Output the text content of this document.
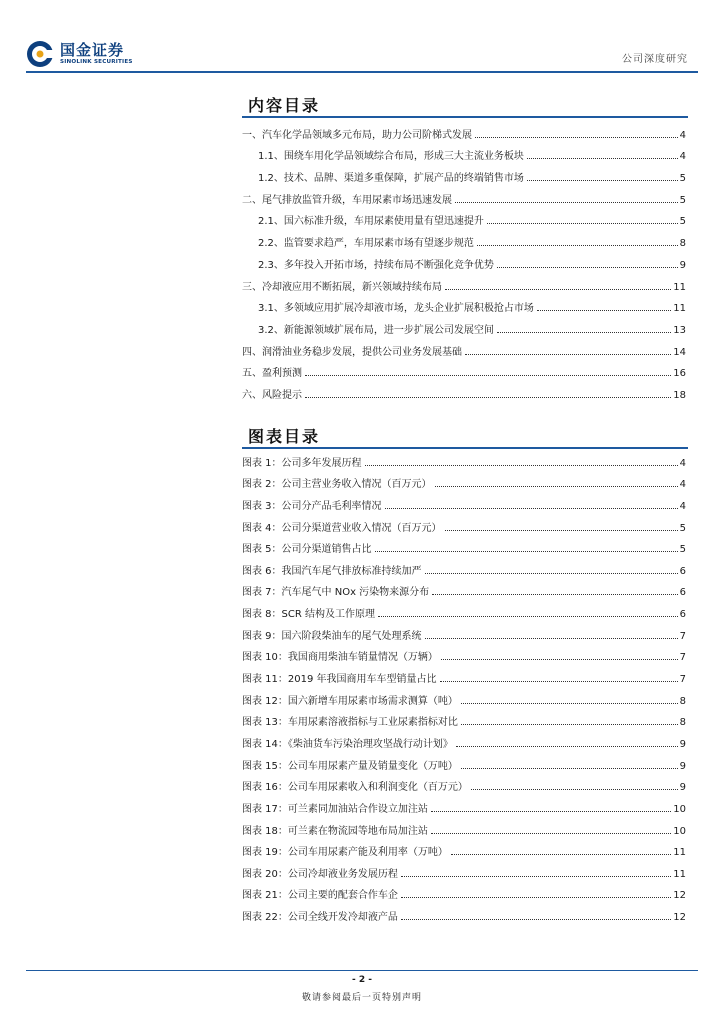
国金证券
SINOLINK SECURITIES	公司深度研究
内容目录
一、汽车化学品领域多元布局，助力公司阶梯式发展	4
1.1、围绕车用化学品领域综合布局，形成三大主流业务板块	4
1.2、技术、品牌、渠道多重保障，扩展产品的终端销售市场	5
二、尾气排放监管升级，车用尿素市场迅速发展	5
2.1、国六标准升级，车用尿素使用量有望迅速提升	5
2.2、监管要求趋严，车用尿素市场有望逐步规范	8
2.3、多年投入开拓市场，持续布局不断强化竞争优势	9
三、冷却液应用不断拓展，新兴领域持续布局	11
3.1、多领域应用扩展冷却液市场，龙头企业扩展积极抢占市场	11
3.2、新能源领域扩展布局，进一步扩展公司发展空间	13
四、润滑油业务稳步发展，提供公司业务发展基础	14
五、盈利预测	16
六、风险提示	18
图表目录
图表 1：公司多年发展历程	4
图表 2：公司主营业务收入情况（百万元）	4
图表 3：公司分产品毛利率情况	4
图表 4：公司分渠道营业收入情况（百万元）	5
图表 5：公司分渠道销售占比	5
图表 6：我国汽车尾气排放标准持续加严	6
图表 7：汽车尾气中 NOx 污染物来源分布	6
图表 8：SCR 结构及工作原理	6
图表 9：国六阶段柴油车的尾气处理系统	7
图表 10：我国商用柴油车销量情况（万辆）	7
图表 11：2019 年我国商用车车型销量占比	7
图表 12：国六新增车用尿素市场需求测算（吨）	8
图表 13：车用尿素溶液指标与工业尿素指标对比	8
图表 14：《柴油货车污染治理攻坚战行动计划》	9
图表 15：公司车用尿素产量及销量变化（万吨）	9
图表 16：公司车用尿素收入和利润变化（百万元）	9
图表 17：可兰素同加油站合作设立加注站	10
图表 18：可兰素在物流园等地布局加注站	10
图表 19：公司车用尿素产能及利用率（万吨）	11
图表 20：公司冷却液业务发展历程	11
图表 21：公司主要的配套合作车企	12
图表 22：公司全线开发冷却液产品	12
- 2 -
敬请参阅最后一页特别声明
